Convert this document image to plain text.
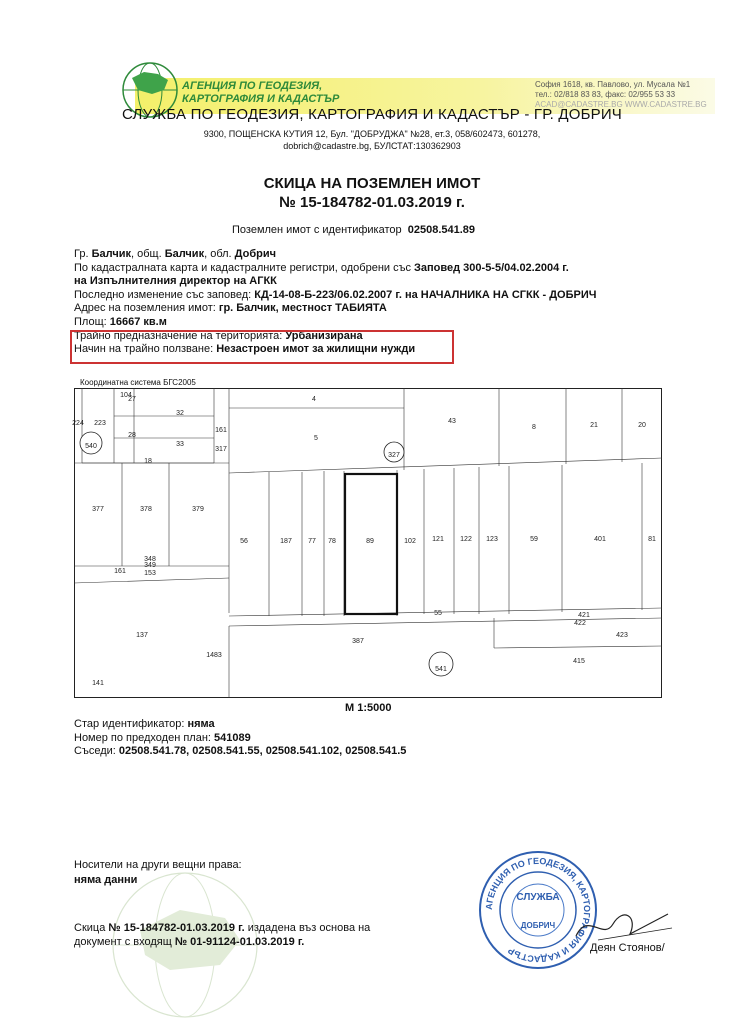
АГЕНЦИЯ ПО ГЕОДЕЗИЯ,
КАРТОГРАФИЯ И КАДАСТЪР
София 1618, кв. Павлово, ул. Мусала №1
тел.: 02/818 83 83, факс: 02/955 53 33
ACAD@CADASTRE.BG WWW.CADASTRE.BG
СЛУЖБА ПО ГЕОДЕЗИЯ, КАРТОГРАФИЯ И КАДАСТЪР - ГР. ДОБРИЧ
9300, ПОЩЕНСКА КУТИЯ 12, Бул. "ДОБРУДЖА" №28, ет.3, 058/602473, 601278,
dobrich@cadastre.bg, БУЛСТАТ:130362903
СКИЦА НА ПОЗЕМЛЕН ИМОТ
№ 15-184782-01.03.2019 г.
Поземлен имот с идентификатор 02508.541.89
Гр. Балчик, общ. Балчик, обл. Добрич
По кадастралната карта и кадастралните регистри, одобрени със Заповед 300-5-5/04.02.2004 г.
на Изпълнителния директор на АГКК
Последно изменение със заповед: КД-14-08-Б-223/06.02.2007 г. на НАЧАЛНИКА НА СГКК - ДОБРИЧ
Адрес на поземления имот: гр. Балчик, местност ТАБИЯТА
Площ: 16667 кв.м
Трайно предназначение на територията: Урбанизирана
Начин на трайно ползване: Незастроен имот за жилищни нужди
Координатна система БГС2005
104
27
32
224 223
28
540	33
18
161
317
4
5
327
43
8	21	20
377	378	379
56	187 77 78	89	102 121 122 123	59	401	81
348
349
161	153
55	421
422
423
137
387
1483
541
415
141
М 1:5000
Стар идентификатор: няма
Номер по предходен план: 541089
Съседи: 02508.541.78, 02508.541.55, 02508.541.102, 02508.541.5
Носители на други вещни права:
няма данни
Скица № 15-184782-01.03.2019 г. издадена въз основа на
документ с входящ № 01-91124-01.03.2019 г.
АГЕНЦИЯ ПО ГЕОДЕЗИЯ, КАРТОГРАФИЯ И КАДАСТЪР
СЛУЖБА
ДОБРИЧ
Деян Стоянов/
